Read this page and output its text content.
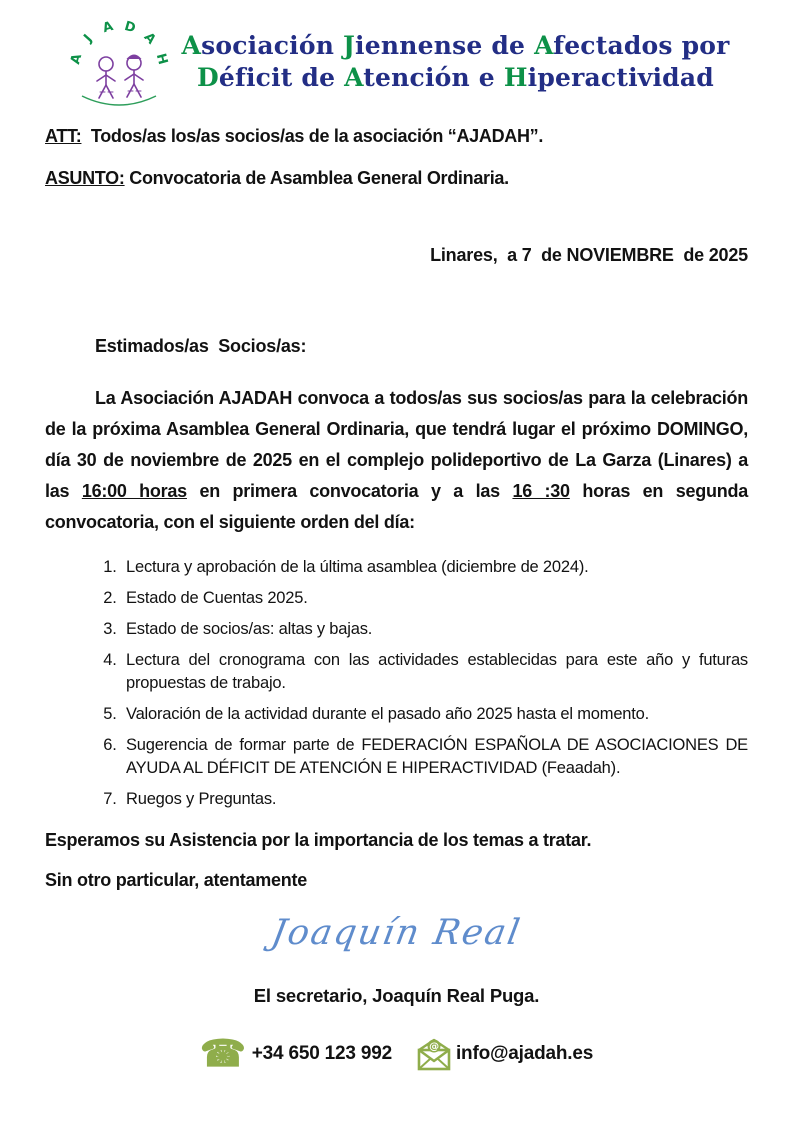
A
J
A D
A
H Asociación Jiennense de Afectados por
Déficit de Atención e Hiperactividad

ATT:  Todos/as los/as socios/as de la asociación “AJADAH”.

ASUNTO: Convocatoria de Asamblea General Ordinaria.

Linares,  a 7  de NOVIEMBRE  de 2025

Estimados/as  Socios/as:

La Asociación AJADAH convoca a todos/as sus socios/as para la celebración de la próxima Asamblea General Ordinaria, que tendrá lugar el próximo DOMINGO, día 30 de noviembre de 2025 en el complejo polideportivo de La Garza (Linares) a las 16:00 horas en primera convocatoria y a las 16 :30 horas en segunda convocatoria, con el siguiente orden del día:

1. Lectura y aprobación de la última asamblea (diciembre de 2024).
2. Estado de Cuentas 2025.
3. Estado de socios/as: altas y bajas.
4. Lectura del cronograma con las actividades establecidas para este año y futuras propuestas de trabajo.
5. Valoración de la actividad durante el pasado año 2025 hasta el momento.
6. Sugerencia de formar parte de FEDERACIÓN ESPAÑOLA DE ASOCIACIONES DE AYUDA AL DÉFICIT DE ATENCIÓN E HIPERACTIVIDAD (Feaadah).
7. Ruegos y Preguntas.

Esperamos su Asistencia por la importancia de los temas a tratar.

Sin otro particular, atentamente

Joaquín Real

El secretario, Joaquín Real Puga.

☎ +34 650 123 992	@ info@ajadah.es
